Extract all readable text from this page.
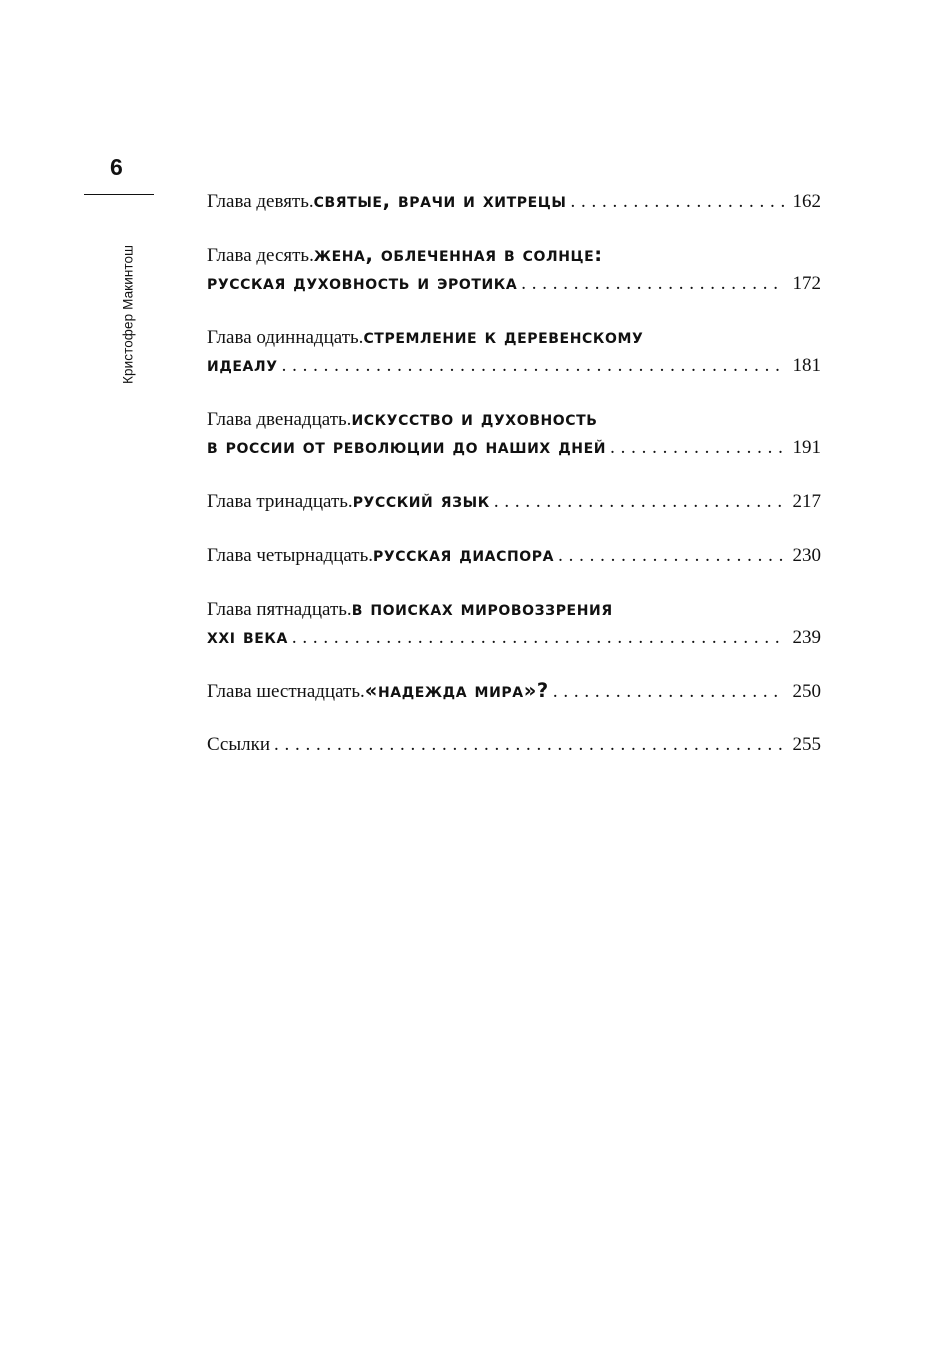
6
Кристофер Макинтош
Глава девять. святые, врачи и хитрецы . . .	162
Глава десять. жена, облеченная в солнце:
русская духовность и эротика . . .	172
Глава одиннадцать. стремление к деревенскому
идеалу . . .	181
Глава двенадцать. искусство и духовность
в россии от революции до наших дней . . .	191
Глава тринадцать. русский язык . . .	217
Глава четырнадцать. русская диаспора . . .	230
Глава пятнадцать. в поисках мировоззрения
xxi века . . .	239
Глава шестнадцать. «надежда мира»? . . .	250
Ссылки . . .	255
